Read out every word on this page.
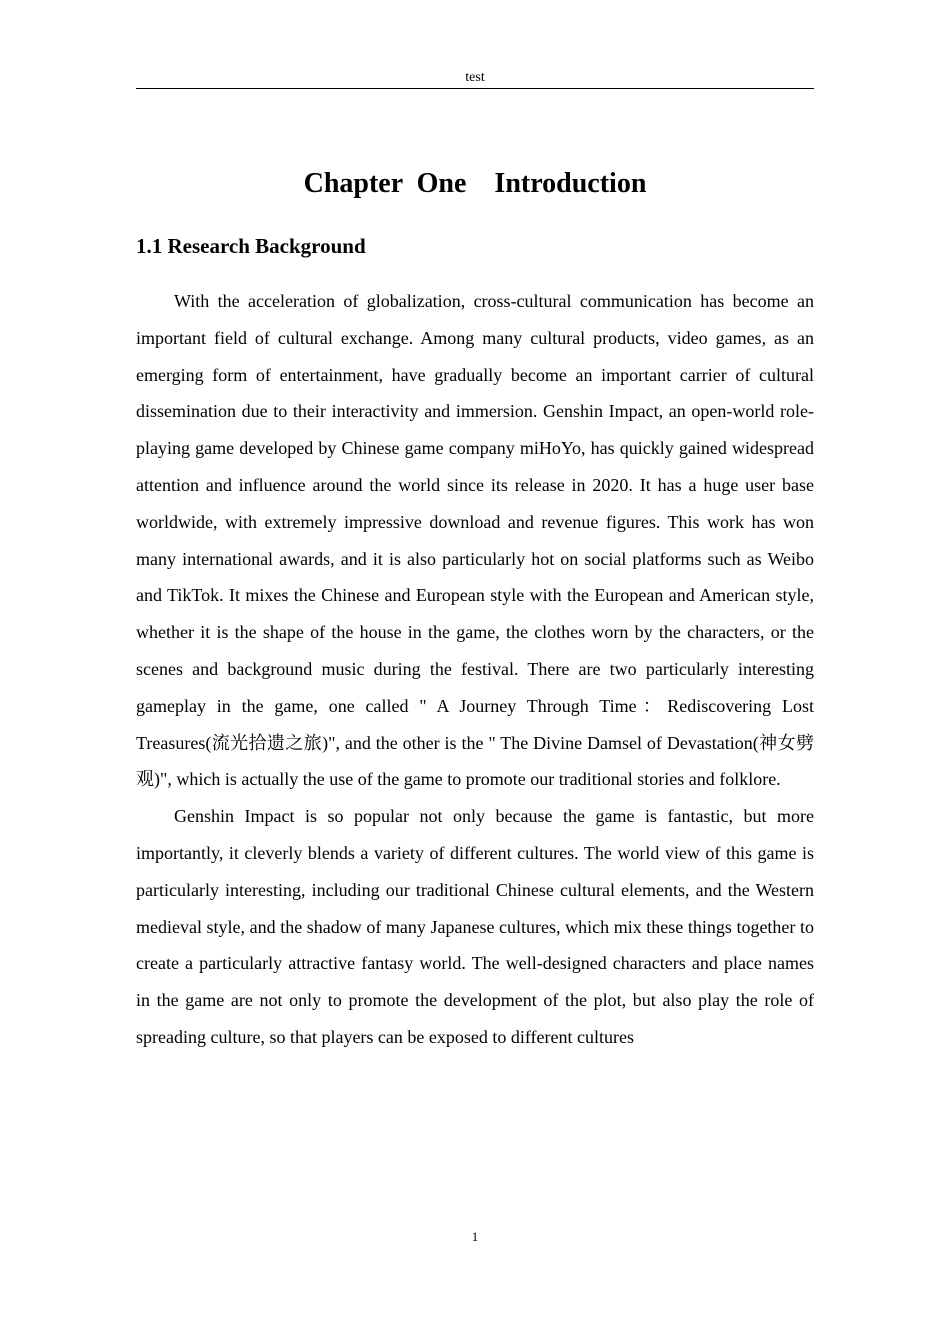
test
Chapter  One    Introduction
1.1 Research Background

With the acceleration of globalization, cross-cultural communication has become an important field of cultural exchange. Among many cultural products, video games, as an emerging form of entertainment, have gradually become an important carrier of cultural dissemination due to their interactivity and immersion. Genshin Impact, an open-world role-playing game developed by Chinese game company miHoYo, has quickly gained widespread attention and influence around the world since its release in 2020. It has a huge user base worldwide, with extremely impressive download and revenue figures. This work has won many international awards, and it is also particularly hot on social platforms such as Weibo and TikTok. It mixes the Chinese and European style with the European and American style, whether it is the shape of the house in the game, the clothes worn by the characters, or the scenes and background music during the festival. There are two particularly interesting gameplay in the game, one called " A Journey Through Time：Rediscovering Lost Treasures(流光拾遗之旅)", and the other is the " The Divine Damsel of Devastation(神女劈观)", which is actually the use of the game to promote our traditional stories and folklore.

Genshin Impact is so popular not only because the game is fantastic, but more importantly, it cleverly blends a variety of different cultures. The world view of this game is particularly interesting, including our traditional Chinese cultural elements, and the Western medieval style, and the shadow of many Japanese cultures, which mix these things together to create a particularly attractive fantasy world. The well-designed characters and place names in the game are not only to promote the development of the plot, but also play the role of spreading culture, so that players can be exposed to different cultures

1
